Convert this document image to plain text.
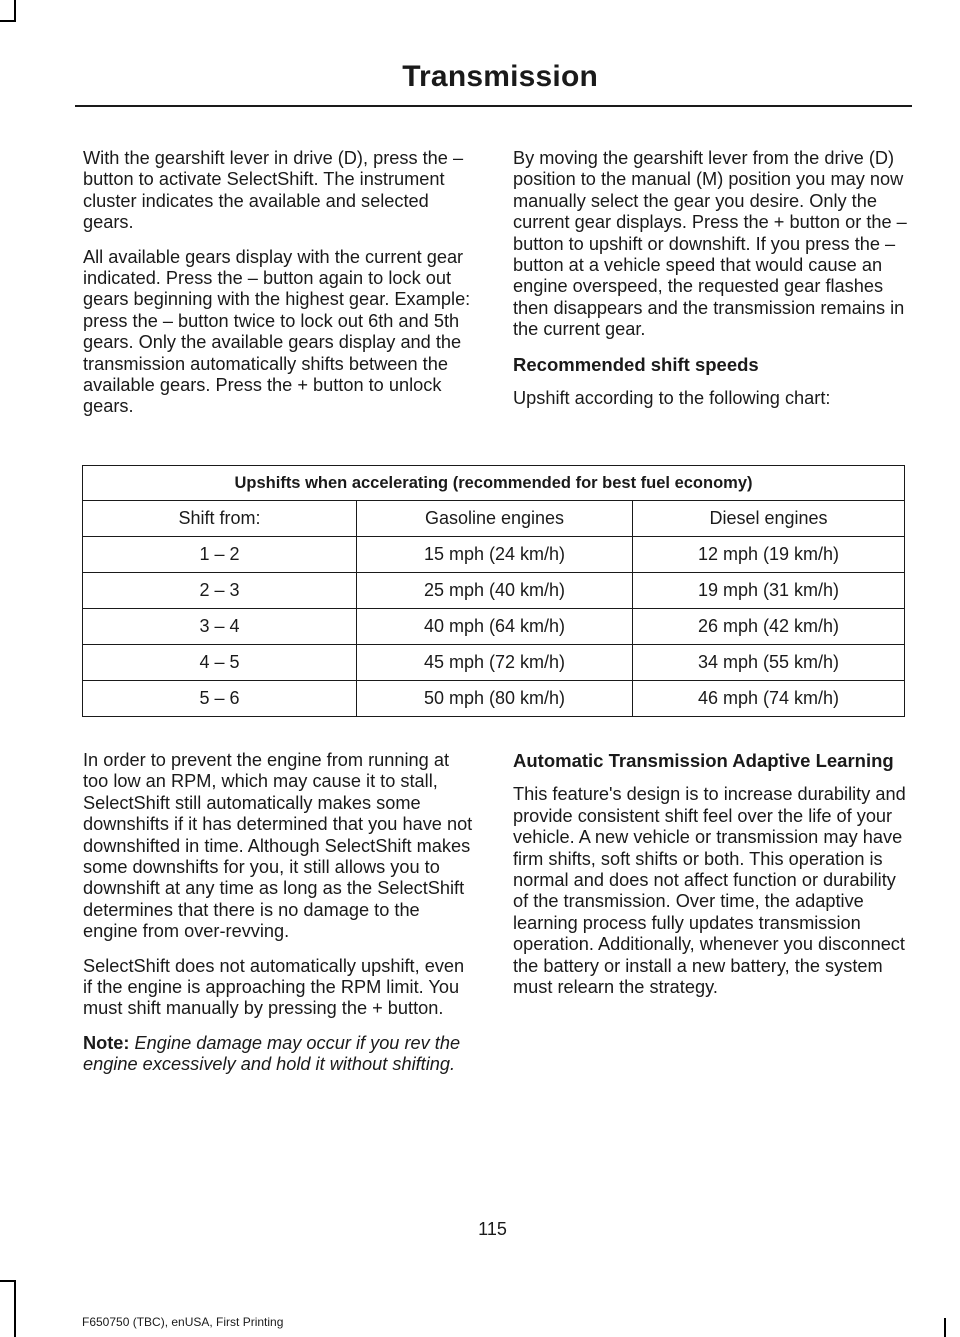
Transmission

With the gearshift lever in drive (D), press the – button to activate SelectShift. The instrument cluster indicates the available and selected gears.

All available gears display with the current gear indicated. Press the – button again to lock out gears beginning with the highest gear. Example: press the – button twice to lock out 6th and 5th gears. Only the available gears display and the transmission automatically shifts between the available gears. Press the + button to unlock gears.

By moving the gearshift lever from the drive (D) position to the manual (M) position you may now manually select the gear you desire. Only the current gear displays. Press the + button or the – button to upshift or downshift. If you press the – button at a vehicle speed that would cause an engine overspeed, the requested gear flashes then disappears and the transmission remains in the current gear.

Recommended shift speeds

Upshift according to the following chart:

Upshifts when accelerating (recommended for best fuel economy)		
Shift from:	Gasoline engines	Diesel engines
1 – 2	15 mph (24 km/h)	12 mph (19 km/h)
2 – 3	25 mph (40 km/h)	19 mph (31 km/h)
3 – 4	40 mph (64 km/h)	26 mph (42 km/h)
4 – 5	45 mph (72 km/h)	34 mph (55 km/h)
5 – 6	50 mph (80 km/h)	46 mph (74 km/h)

In order to prevent the engine from running at too low an RPM, which may cause it to stall, SelectShift still automatically makes some downshifts if it has determined that you have not downshifted in time. Although SelectShift makes some downshifts for you, it still allows you to downshift at any time as long as the SelectShift determines that there is no damage to the engine from over-revving.

SelectShift does not automatically upshift, even if the engine is approaching the RPM limit. You must shift manually by pressing the + button.

Note: Engine damage may occur if you rev the engine excessively and hold it without shifting.

Automatic Transmission Adaptive Learning

This feature's design is to increase durability and provide consistent shift feel over the life of your vehicle. A new vehicle or transmission may have firm shifts, soft shifts or both. This operation is normal and does not affect function or durability of the transmission. Over time, the adaptive learning process fully updates transmission operation. Additionally, whenever you disconnect the battery or install a new battery, the system must relearn the strategy.

115
F650750 (TBC), enUSA, First Printing
